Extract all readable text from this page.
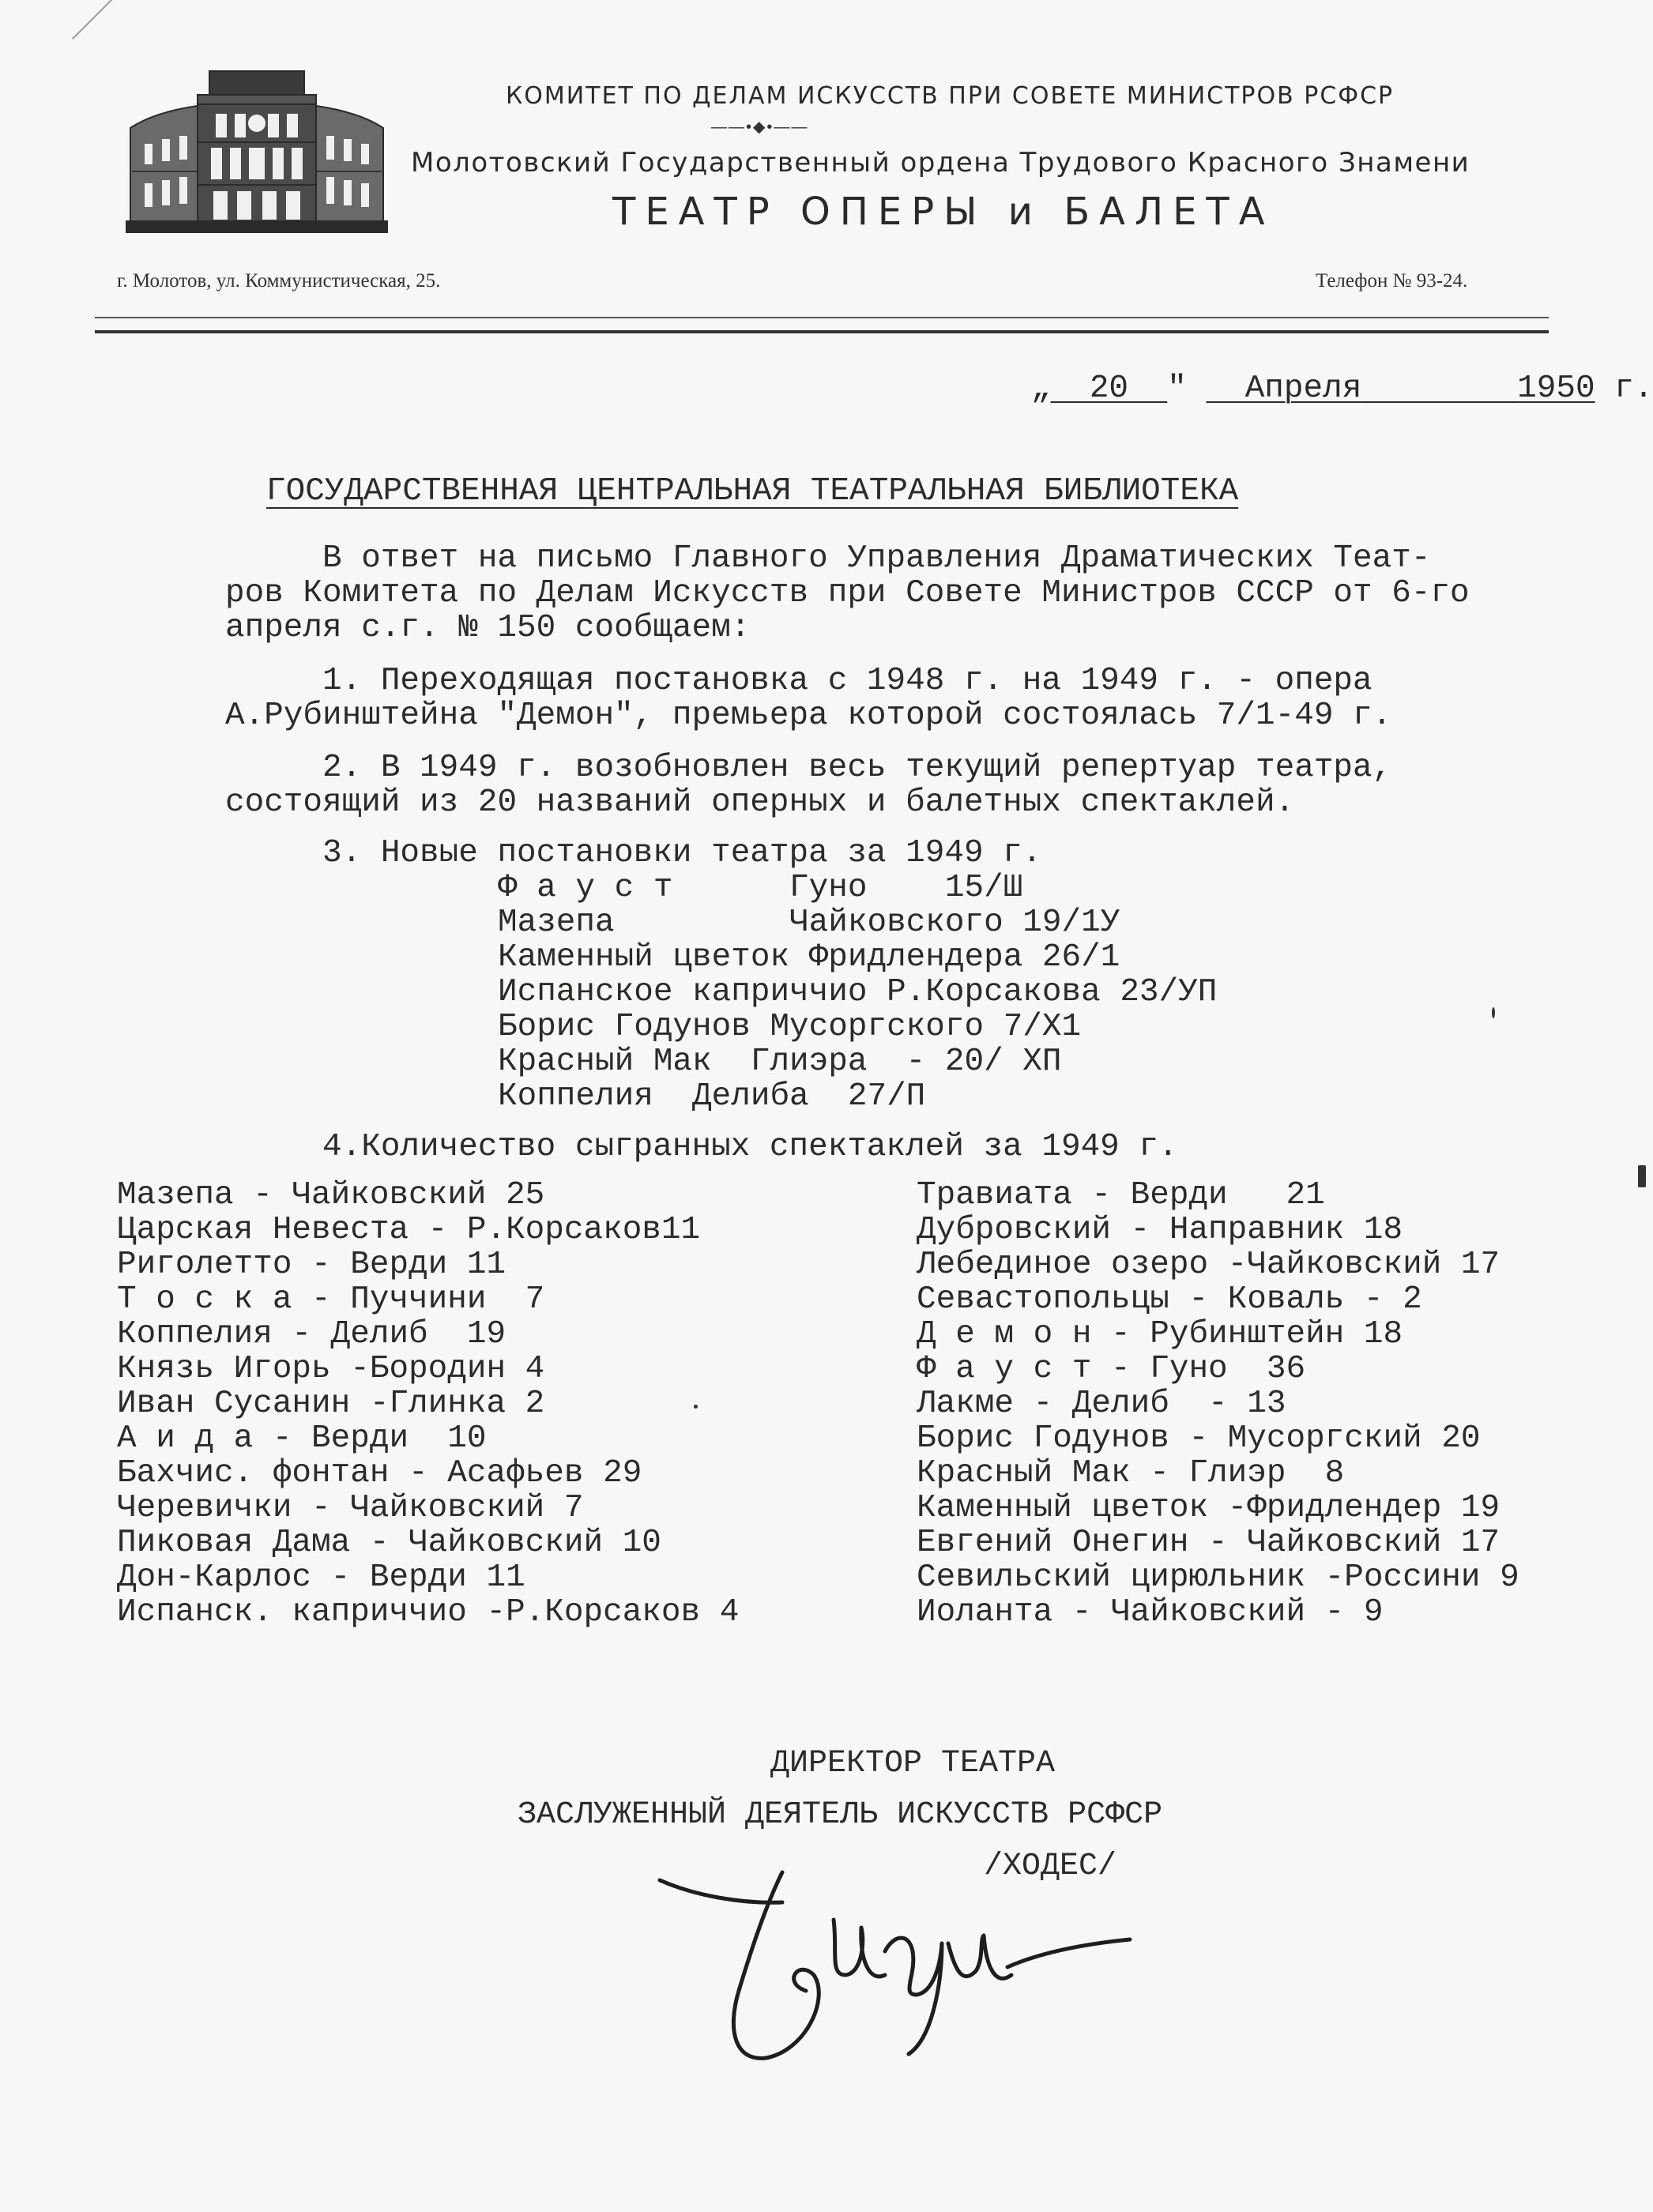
КОМИТЕТ ПО ДЕЛАМ ИСКУССТВ ПРИ СОВЕТЕ МИНИСТРОВ РСФСР
——•◆•——
Молотовский Государственный ордена Трудового Красного Знамени
ТЕАТР ОПЕРЫ и БАЛЕТА
г. Молотов, ул. Коммунистическая, 25.	Телефон № 93-24.
„ 20 " Апреля	1950 г.
ГОСУДАРСТВЕННАЯ ЦЕНТРАЛЬНАЯ ТЕАТРАЛЬНАЯ БИБЛИОТЕКА
В ответ на письмо Главного Управления Драматических Теат-
ров Комитета по Делам Искусств при Совете Министров СССР от 6-го
апреля с.г. № 150 сообщаем:
1. Переходящая постановка с 1948 г. на 1949 г. - опера
А.Рубинштейна "Демон", премьера которой состоялась 7/1-49 г.
2. В 1949 г. возобновлен весь текущий репертуар театра,
состоящий из 20 названий оперных и балетных спектаклей.
3. Новые постановки театра за 1949 г.
Ф а у с т      Гуно    15/Ш
Мазепа         Чайковского 19/1У
Каменный цветок Фридлендера 26/1
Испанское каприччио Р.Корсакова 23/УП
Борис Годунов Мусоргского 7/Х1
Красный Мак  Глиэра  - 20/ ХП
Коппелия  Делиба  27/П
4.Количество сыгранных спектаклей за 1949 г.
Мазепа - Чайковский 25
Царская Невеста - Р.Корсаков11
Риголетто - Верди 11
Т о с к а - Пуччини  7
Коппелия - Делиб  19
Князь Игорь -Бородин 4
Иван Сусанин -Глинка 2
А и д а - Верди  10
Бахчис. фонтан - Асафьев 29
Черевички - Чайковский 7
Пиковая Дама - Чайковский 10
Дон-Карлос - Верди 11
Испанск. каприччио -Р.Корсаков 4
Травиата - Верди   21
Дубровский - Направник 18
Лебединое озеро -Чайковский 17
Севастопольцы - Коваль - 2
Д е м о н - Рубинштейн 18
Ф а у с т - Гуно  36
Лакме - Делиб  - 13
Борис Годунов - Мусоргский 20
Красный Мак - Глиэр  8
Каменный цветок -Фридлендер 19
Евгений Онегин - Чайковский 17
Севильский цирюльник -Россини 9
Иоланта - Чайковский - 9
ДИРЕКТОР ТЕАТРА
ЗАСЛУЖЕННЫЙ ДЕЯТЕЛЬ ИСКУССТВ РСФСР
/ХОДЕС/
